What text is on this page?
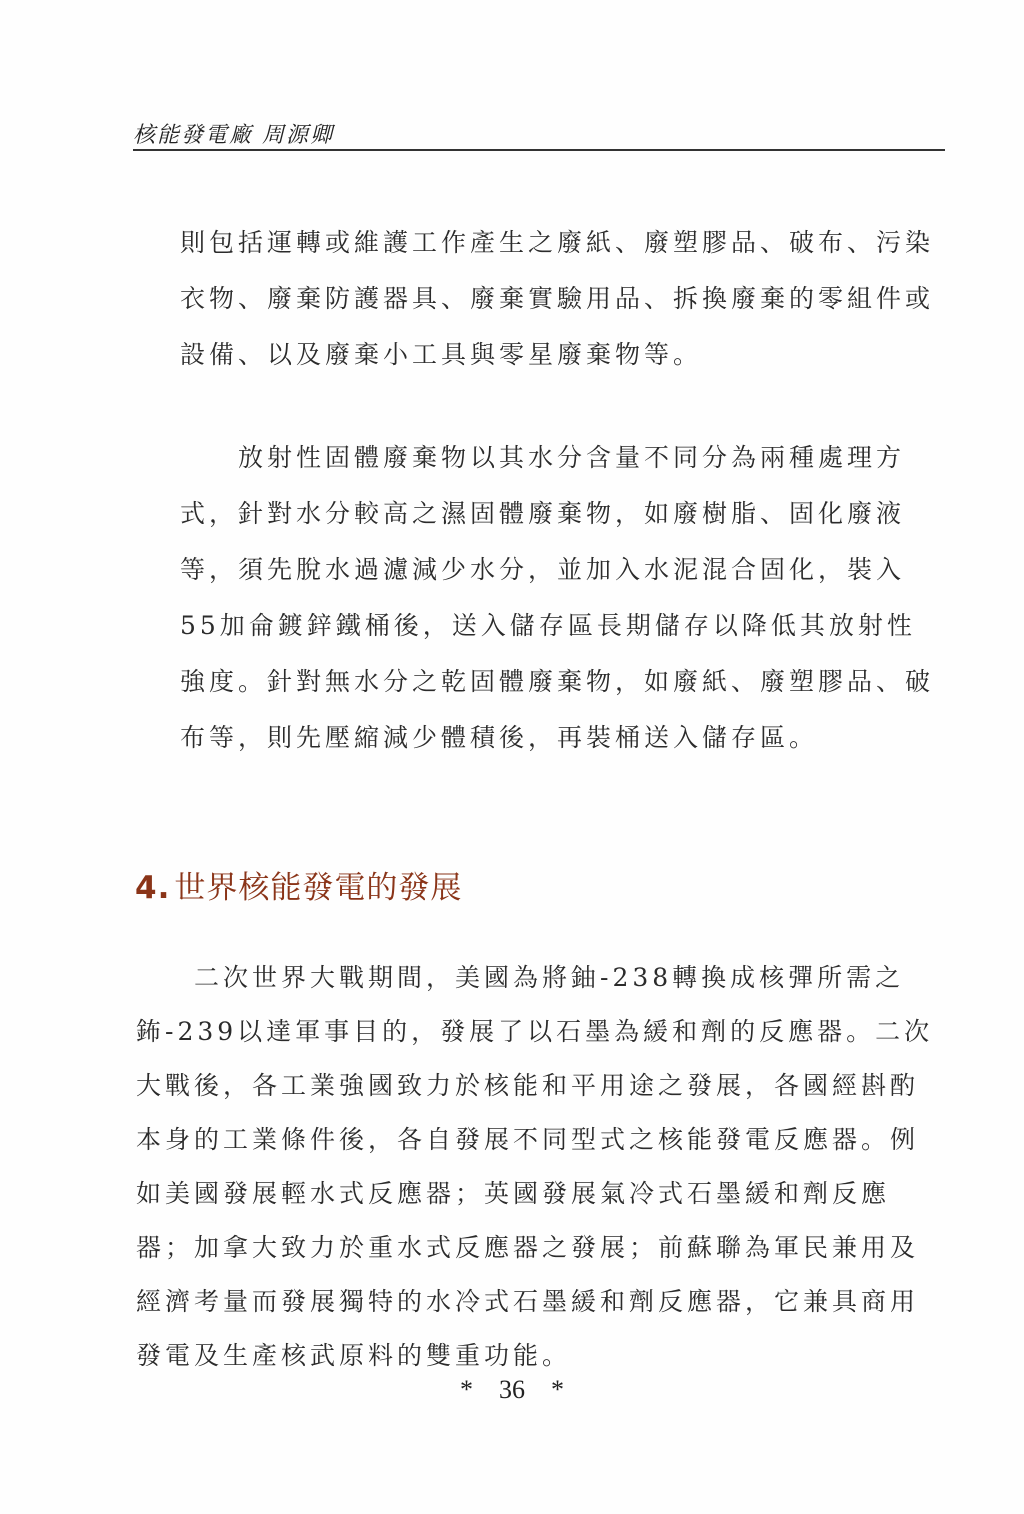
核能發電廠 周源卿
則包括運轉或維護工作產生之廢紙、廢塑膠品、破布、污染衣物、廢棄防護器具、廢棄實驗用品、拆換廢棄的零組件或設備、以及廢棄小工具與零星廢棄物等。
放射性固體廢棄物以其水分含量不同分為兩種處理方式，針對水分較高之濕固體廢棄物，如廢樹脂、固化廢液等，須先脫水過濾減少水分，並加入水泥混合固化，裝入55加侖鍍鋅鐵桶後，送入儲存區長期儲存以降低其放射性強度。針對無水分之乾固體廢棄物，如廢紙、廢塑膠品、破布等，則先壓縮減少體積後，再裝桶送入儲存區。
4. 世界核能發電的發展
二次世界大戰期間，美國為將鈾-238轉換成核彈所需之鈽-239以達軍事目的，發展了以石墨為緩和劑的反應器。二次大戰後，各工業強國致力於核能和平用途之發展，各國經斟酌本身的工業條件後，各自發展不同型式之核能發電反應器。例如美國發展輕水式反應器；英國發展氣冷式石墨緩和劑反應器；加拿大致力於重水式反應器之發展；前蘇聯為軍民兼用及經濟考量而發展獨特的水冷式石墨緩和劑反應器，它兼具商用發電及生產核武原料的雙重功能。
* 36 *
